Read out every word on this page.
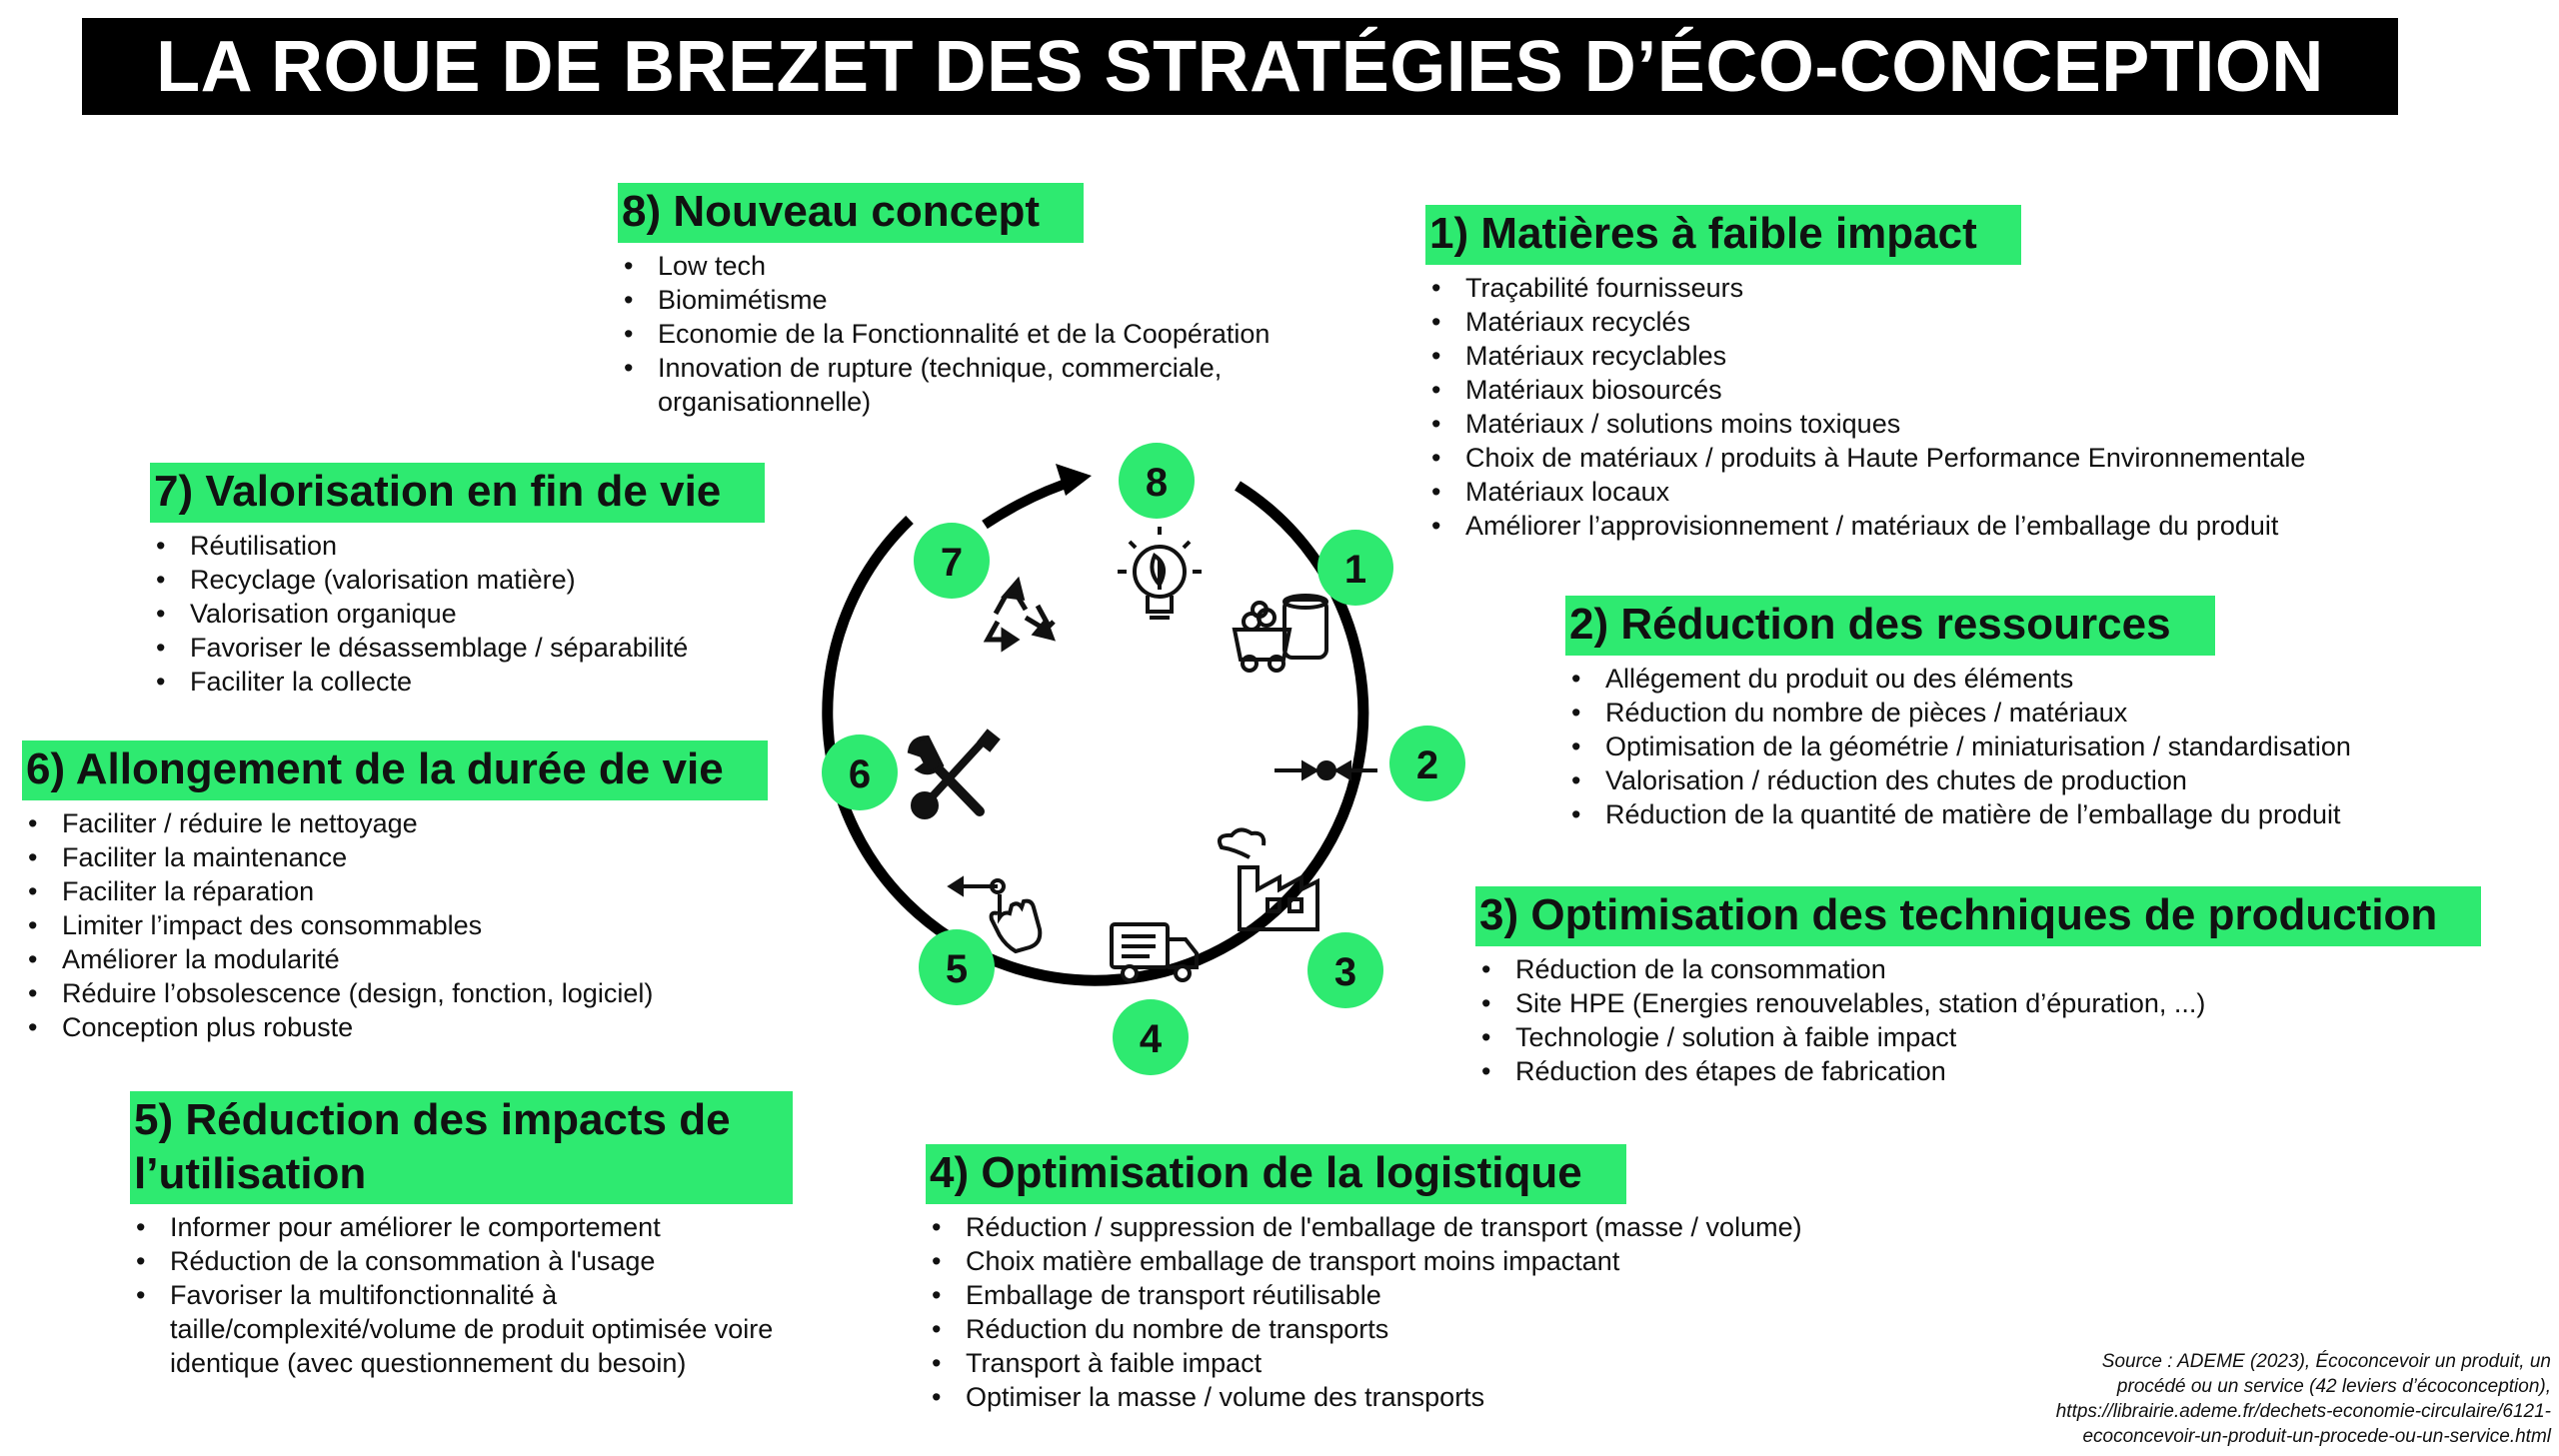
LA ROUE DE BREZET DES STRATÉGIES D’ÉCO-CONCEPTION
8) Nouveau concept
• Low tech
• Biomimétisme
• Economie de la Fonctionnalité et de la Coopération
• Innovation de rupture (technique, commerciale, organisationnelle)
1) Matières à faible impact
• Traçabilité fournisseurs
• Matériaux recyclés
• Matériaux recyclables
• Matériaux biosourcés
• Matériaux / solutions moins toxiques
• Choix de matériaux / produits à Haute Performance Environnementale
• Matériaux locaux
• Améliorer l’approvisionnement / matériaux de l’emballage du produit
7) Valorisation en fin de vie
• Réutilisation
• Recyclage (valorisation matière)
• Valorisation organique
• Favoriser le désassemblage / séparabilité
• Faciliter la collecte
2) Réduction des ressources
• Allégement du produit ou des éléments
• Réduction du nombre de pièces / matériaux
• Optimisation de la géométrie / miniaturisation / standardisation
• Valorisation / réduction des chutes de production
• Réduction de la quantité de matière de l’emballage du produit
6) Allongement de la durée de vie
• Faciliter / réduire le nettoyage
• Faciliter la maintenance
• Faciliter la réparation
• Limiter l’impact des consommables
• Améliorer la modularité
• Réduire l’obsolescence (design, fonction, logiciel)
• Conception plus robuste
3) Optimisation des techniques de production
• Réduction de la consommation
• Site HPE (Energies renouvelables, station d’épuration, ...)
• Technologie / solution à faible impact
• Réduction des étapes de fabrication
5) Réduction des impacts de
l’utilisation
• Informer pour améliorer le comportement
• Réduction de la consommation à l'usage
• Favoriser la multifonctionnalité à taille/complexité/volume de produit optimisée voire identique (avec questionnement du besoin)
4) Optimisation de la logistique
• Réduction / suppression de l'emballage de transport (masse / volume)
• Choix matière emballage de transport moins impactant
• Emballage de transport réutilisable
• Réduction du nombre de transports
• Transport à faible impact
• Optimiser la masse / volume des transports
8
1
2
3
4
5
6
7
Source : ADEME (2023), Écoconcevoir un produit, un
procédé ou un service (42 leviers d’écoconception),
https://librairie.ademe.fr/dechets-economie-circulaire/6121-
ecoconcevoir-un-produit-un-procede-ou-un-service.html
